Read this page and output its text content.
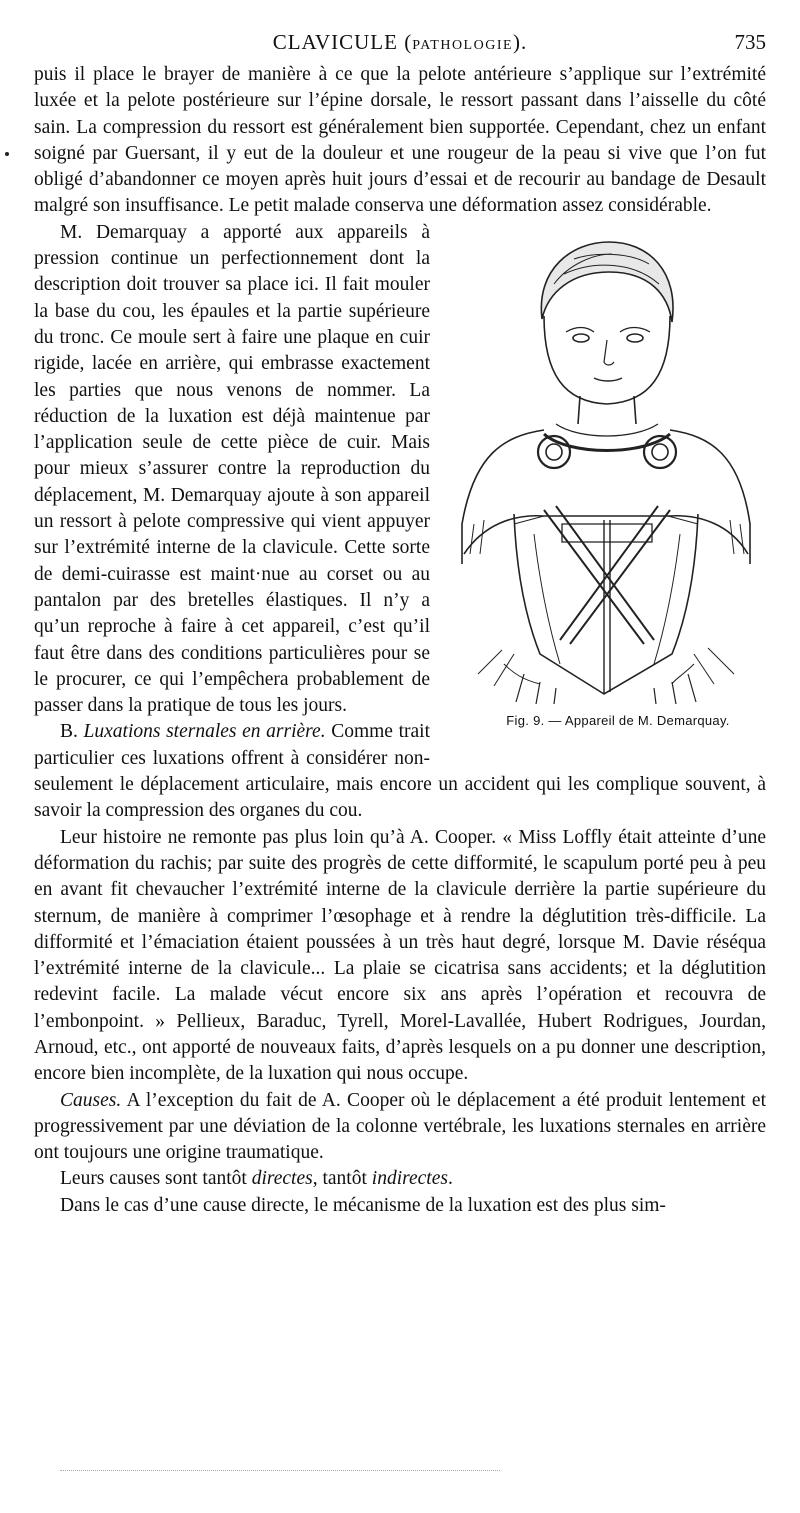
CLAVICULE (PATHOLOGIE).	735

puis il place le brayer de manière à ce que la pelote antérieure s’applique sur l’extrémité luxée et la pelote postérieure sur l’épine dorsale, le ressort passant dans l’aisselle du côté sain. La compression du ressort est généralement bien supportée. Cependant, chez un enfant soigné par Guersant, il y eut de la douleur et une rougeur de la peau si vive que l’on fut obligé d’abandonner ce moyen après huit jours d’essai et de recourir au bandage de Desault malgré son insuffisance. Le petit malade conserva une déformation assez considérable.

Fig. 9. — Appareil de M. Demarquay.
M. Demarquay a apporté aux appareils à pression continue un perfectionnement dont la description doit trouver sa place ici. Il fait mouler la base du cou, les épaules et la partie supérieure du tronc. Ce moule sert à faire une plaque en cuir rigide, lacée en arrière, qui embrasse exactement les parties que nous venons de nommer. La réduction de la luxation est déjà maintenue par l’application seule de cette pièce de cuir. Mais pour mieux s’assurer contre la reproduction du déplacement, M. Demarquay ajoute à son appareil un ressort à pelote compressive qui vient appuyer sur l’extrémité interne de la clavicule. Cette sorte de demi-cuirasse est maint·nue au corset ou au pantalon par des bretelles élastiques. Il n’y a qu’un reproche à faire à cet appareil, c’est qu’il faut être dans des conditions particulières pour se le procurer, ce qui l’empêchera probablement de passer dans la pratique de tous les jours.

B. Luxations sternales en arrière. Comme trait particulier ces luxations offrent à considérer non-seulement le déplacement articulaire, mais encore un accident qui les complique souvent, à savoir la compression des organes du cou.

Leur histoire ne remonte pas plus loin qu’à A. Cooper. « Miss Loffly était atteinte d’une déformation du rachis; par suite des progrès de cette difformité, le scapulum porté peu à peu en avant fit chevaucher l’extrémité interne de la clavicule derrière la partie supérieure du sternum, de manière à comprimer l’œsophage et à rendre la déglutition très-difficile. La difformité et l’émaciation étaient poussées à un très haut degré, lorsque M. Davie réséqua l’extrémité interne de la clavicule... La plaie se cicatrisa sans accidents; et la déglutition redevint facile. La malade vécut encore six ans après l’opération et recouvra de l’embonpoint. » Pellieux, Baraduc, Tyrell, Morel-Lavallée, Hubert Rodrigues, Jourdan, Arnoud, etc., ont apporté de nouveaux faits, d’après lesquels on a pu donner une description, encore bien incomplète, de la luxation qui nous occupe.

Causes. A l’exception du fait de A. Cooper où le déplacement a été produit lentement et progressivement par une déviation de la colonne vertébrale, les luxations sternales en arrière ont toujours une origine traumatique.

Leurs causes sont tantôt directes, tantôt indirectes.

Dans le cas d’une cause directe, le mécanisme de la luxation est des plus sim-
